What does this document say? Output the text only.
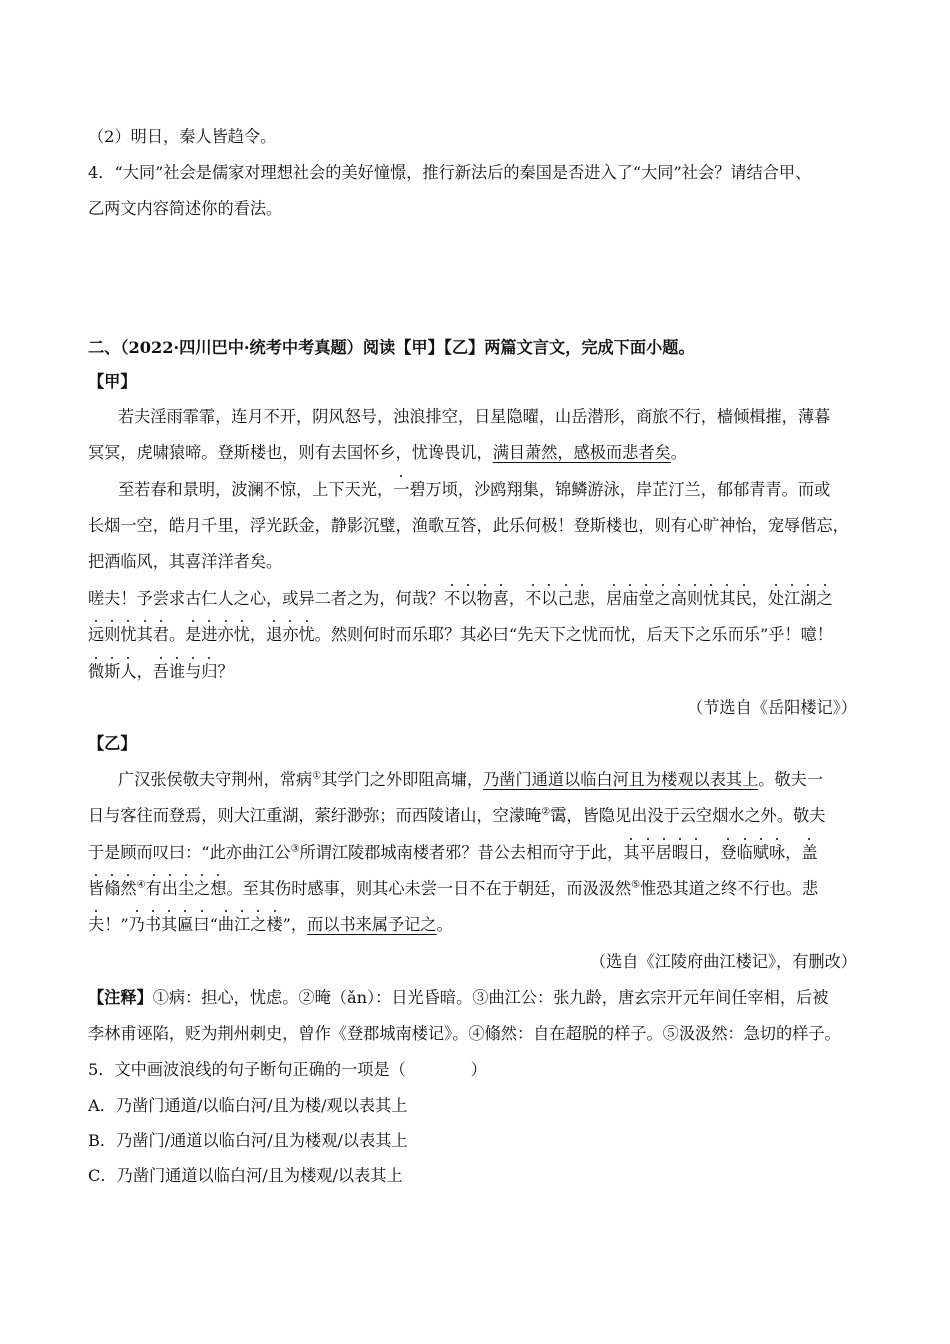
（2）明日，秦人皆趋令。
4．“大同”社会是儒家对理想社会的美好憧憬，推行新法后的秦国是否进入了“大同”社会？请结合甲、
乙两文内容简述你的看法。
二、（2022·四川巴中·统考中考真题）阅读【甲】【乙】两篇文言文，完成下面小题。
【甲】
若夫淫雨霏霏，连月不开，阴风怒号，浊浪排空，日星隐曜，山岳潜形，商旅不行，樯倾楫摧，薄暮
冥冥，虎啸猿啼。登斯楼也，则有去国怀乡，忧谗畏讥，满目萧然，感极而悲者矣。
至若春和景明，波澜不惊，上下天光，一碧万顷，沙鸥翔集，锦鳞游泳，岸芷汀兰，郁郁青青。而或
长烟一空，皓月千里，浮光跃金，静影沉璧，渔歌互答，此乐何极！登斯楼也，则有心旷神怡，宠辱偕忘，
把酒临风，其喜洋洋者矣。
嗟夫！予尝求古仁人之心，或异二者之为，何哉？不以物喜，不以己悲，居庙堂之高则忧其民，处江湖之
远则忧其君。是进亦忧，退亦忧。然则何时而乐耶？其必曰“先天下之忧而忧，后天下之乐而乐”乎！噫！
微斯人，吾谁与归？
（节选自《岳阳楼记》）
【乙】
广汉张侯敬夫守荆州，常病①其学门之外即阻高墉，乃凿门通道以临白河且为楼观以表其上。敬夫一
日与客往而登焉，则大江重湖，萦纡渺弥；而西陵诸山，空濛晻②霭，皆隐见出没于云空烟水之外。敬夫
于是顾而叹曰：“此亦曲江公③所谓江陵郡城南楼者邪？昔公去相而守于此，其平居暇日，登临赋咏，盖
皆翛然④有出尘之想。至其伤时感事，则其心未尝一日不在于朝廷，而汲汲然⑤惟恐其道之终不行也。悲
夫！”乃书其匾曰“曲江之楼”，而以书来属予记之。
（选自《江陵府曲江楼记》，有删改）
【注释】①病：担心，忧虑。②晻（ǎn）：日光昏暗。③曲江公：张九龄，唐玄宗开元年间任宰相，后被
李林甫诬陷，贬为荆州刺史，曾作《登郡城南楼记》。④翛然：自在超脱的样子。⑤汲汲然：急切的样子。
5．文中画波浪线的句子断句正确的一项是（　　　　）
A．乃凿门通道/以临白河/且为楼/观以表其上
B．乃凿门/通道以临白河/且为楼观/以表其上
C．乃凿门通道以临白河/且为楼观/以表其上
